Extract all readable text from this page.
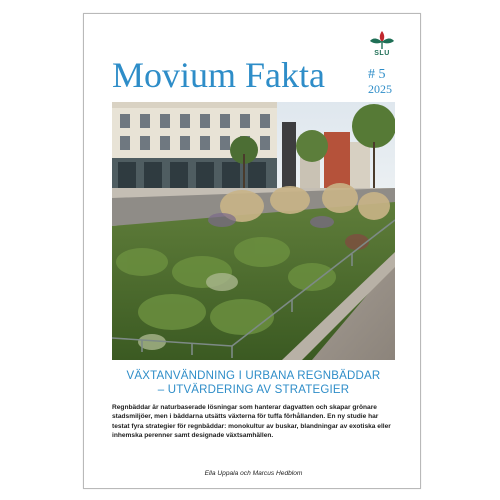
SLU
Movium Fakta	# 5
2025
VÄXTANVÄNDNING I URBANA REGNBÄDDAR
– UTVÄRDERING AV STRATEGIER
Regnbäddar är naturbaserade lösningar som hanterar dagvatten och skapar grönare
stadsmiljöer, men i bäddarna utsätts växterna för tuffa förhållanden. En ny studie har
testat fyra strategier för regnbäddar: monokultur av buskar, blandningar av exotiska eller
inhemska perenner samt designade växtsamhällen.
Ella Uppala och Marcus Hedblom
